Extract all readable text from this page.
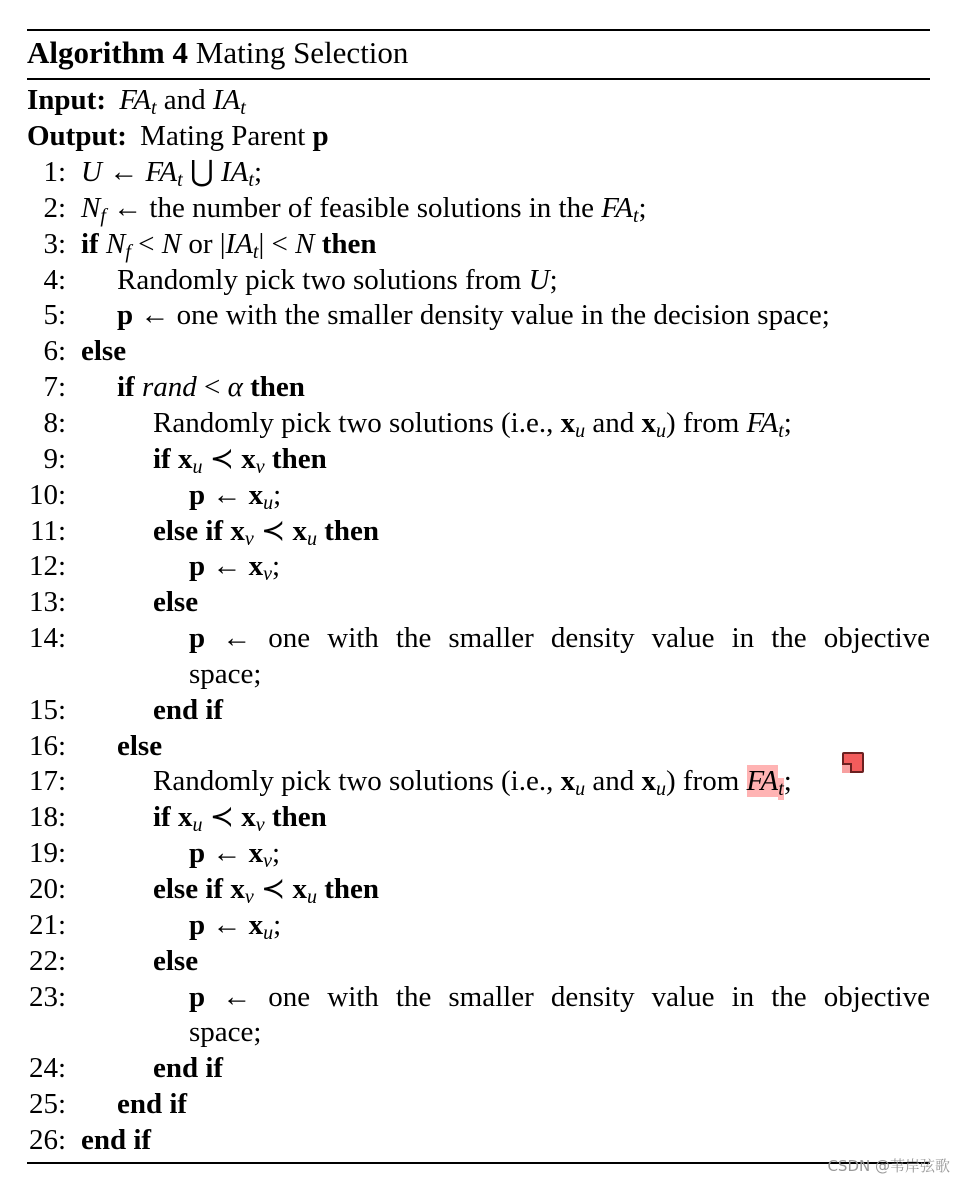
Algorithm 4 Mating Selection
Input: FAt and IAt
Output: Mating Parent p
1: U ← FAt ⋃ IAt;
2: Nf ← the number of feasible solutions in the FAt;
3: if Nf < N or |IAt| < N then
4: Randomly pick two solutions from U;
5: p ← one with the smaller density value in the decision space;
6: else
7: if rand < α then
8:	Randomly pick two solutions (i.e., xu and xu) from FAt;
9:	if xu ≺ xv then
10:	p ← xu;
11:	else if xv ≺ xu then
12:	p ← xv;
13:	else
14:	p ← one with the smaller density value in the objective
space;
15:	end if
16: else
17:	Randomly pick two solutions (i.e., xu and xu) from FAt;
18:	if xu ≺ xv then
19:	p ← xv;
20:	else if xv ≺ xu then
21:	p ← xu;
22:	else
23:	p ← one with the smaller density value in the objective
space;
24:	end if
25: end if
26: end if
CSDN @苇岸弦歌
